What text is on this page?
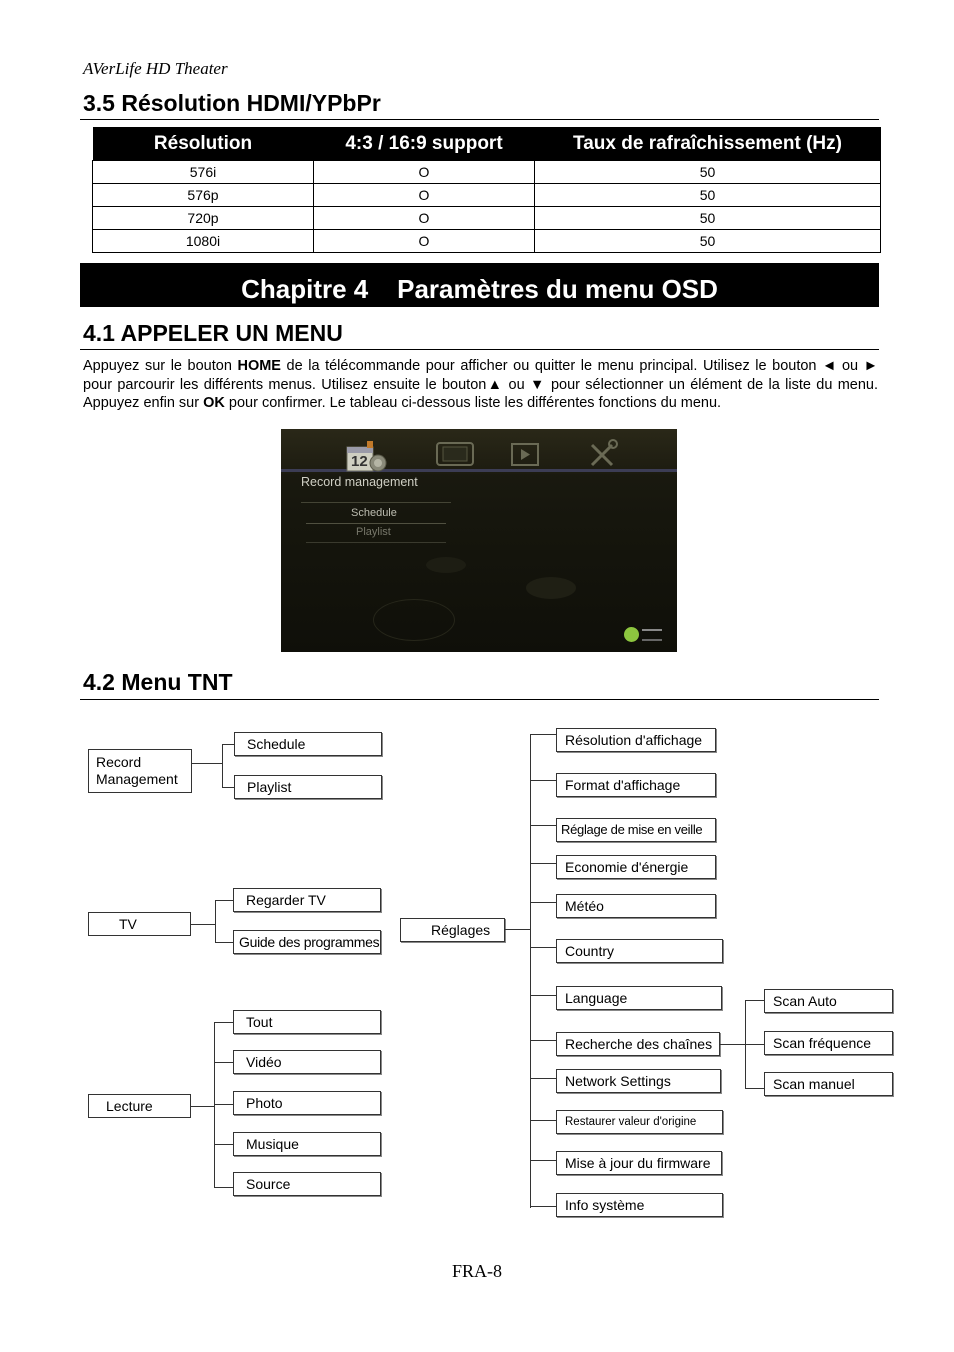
AVerLife HD Theater
3.5 Résolution HDMI/YPbPr
Résolution	4:3 / 16:9 support	Taux de rafraîchissement (Hz)
576i	O	50
576p	O	50
720p	O	50
1080i	O	50
Chapitre 4    Paramètres du menu OSD
4.1 APPELER UN MENU
Appuyez sur le bouton HOME de la télécommande pour afficher ou quitter le menu principal. Utilisez le bouton ◄ ou ► pour parcourir les différents menus. Utilisez ensuite le bouton▲ ou ▼ pour sélectionner un élément de la liste du menu. Appuyez enfin sur OK pour confirmer. Le tableau ci-dessous liste les différentes fonctions du menu.
12
Record management
Schedule
Playlist
4.2 Menu TNT
Record
Management
Schedule
Playlist
TV
Regarder TV
Guide des programmes
Lecture
Tout
Vidéo
Photo
Musique
Source
Réglages
Résolution d'affichage
Format d'affichage
Réglage de mise en veille
Economie d'énergie
Météo
Country
Language
Recherche des chaînes
Network Settings
Restaurer valeur d'origine
Mise à jour du firmware
Info système
Scan Auto
Scan fréquence
Scan manuel
FRA-8
